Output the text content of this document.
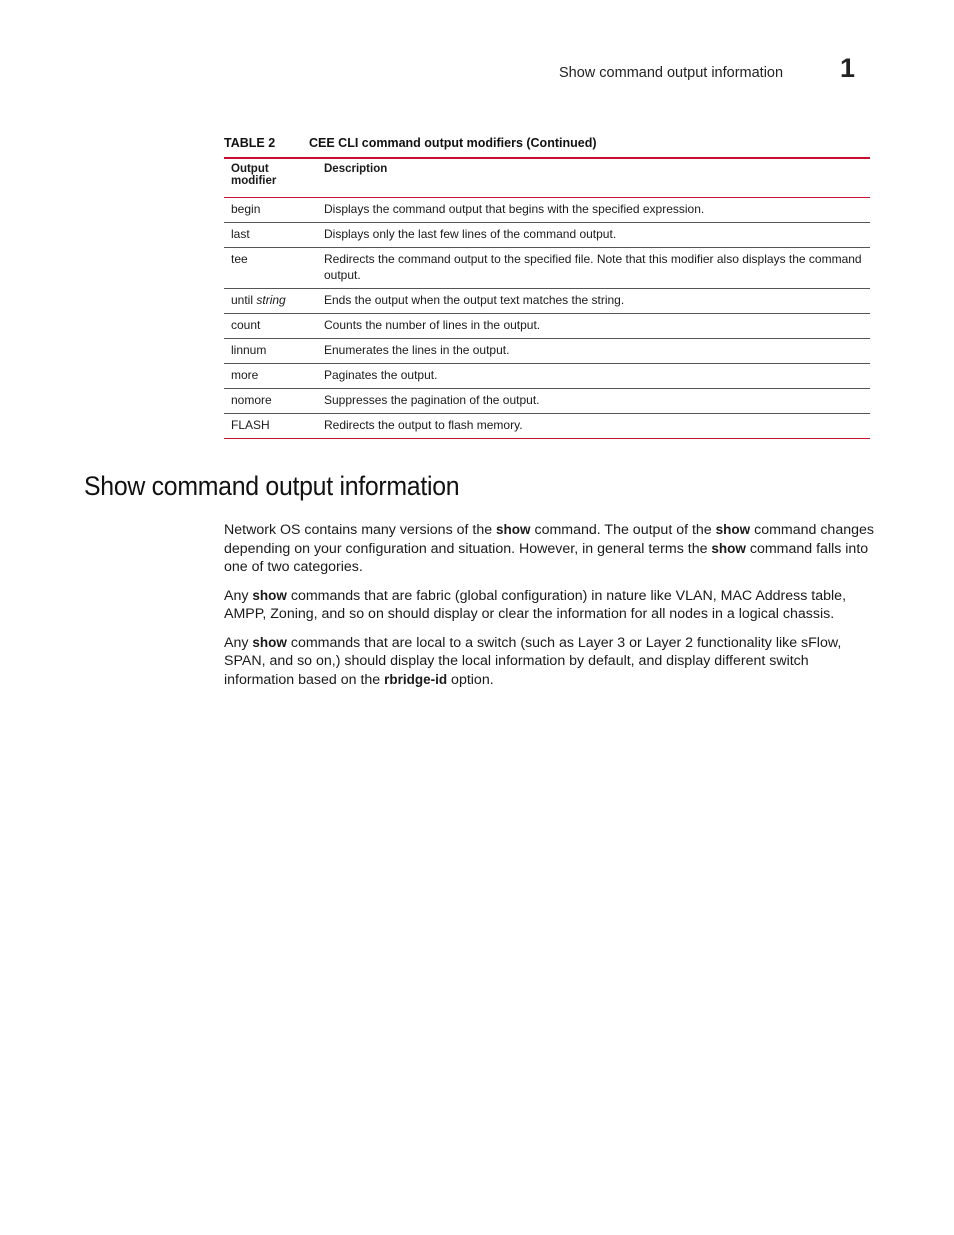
Show command output information 1
TABLE 2	CEE CLI command output modifiers (Continued)
Output modifier	Description
begin	Displays the command output that begins with the specified expression.
last	Displays only the last few lines of the command output.
tee	Redirects the command output to the specified file. Note that this modifier also displays the command output.
until string	Ends the output when the output text matches the string.
count	Counts the number of lines in the output.
linnum	Enumerates the lines in the output.
more	Paginates the output.
nomore	Suppresses the pagination of the output.
FLASH	Redirects the output to flash memory.
Show command output information

Network OS contains many versions of the show command. The output of the show command changes depending on your configuration and situation. However, in general terms the show command falls into one of two categories.

Any show commands that are fabric (global configuration) in nature like VLAN, MAC Address table, AMPP, Zoning, and so on should display or clear the information for all nodes in a logical chassis.

Any show commands that are local to a switch (such as Layer 3 or Layer 2 functionality like sFlow, SPAN, and so on,) should display the local information by default, and display different switch information based on the rbridge-id option.
